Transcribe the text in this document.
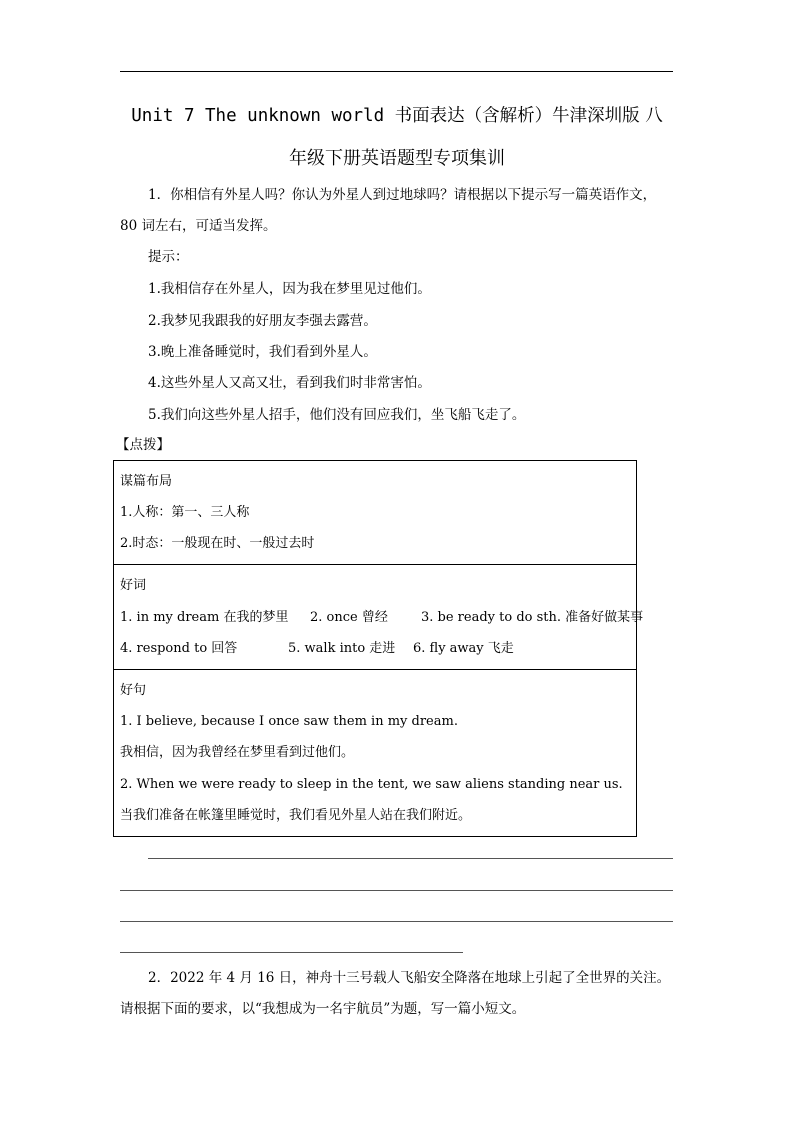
Unit 7 The unknown world 书面表达（含解析）牛津深圳版 八
年级下册英语题型专项集训
1．你相信有外星人吗？你认为外星人到过地球吗？请根据以下提示写一篇英语作文，
80 词左右，可适当发挥。
提示：
1.我相信存在外星人，因为我在梦里见过他们。
2.我梦见我跟我的好朋友李强去露营。
3.晚上准备睡觉时，我们看到外星人。
4.这些外星人又高又壮，看到我们时非常害怕。
5.我们向这些外星人招手，他们没有回应我们，坐飞船飞走了。
【点拨】
谋篇布局
1.人称：第一、三人称
2.时态：一般现在时、一般过去时
好词
1. in my dream 在我的梦里 2. once 曾经	3. be ready to do sth. 准备好做某事
4. respond to 回答	5. walk into 走进 6. fly away 飞走
好句
1. I believe, because I once saw them in my dream.
我相信，因为我曾经在梦里看到过他们。
2. When we were ready to sleep in the tent, we saw aliens standing near us.
当我们准备在帐篷里睡觉时，我们看见外星人站在我们附近。
2．2022 年 4 月 16 日，神舟十三号载人飞船安全降落在地球上引起了全世界的关注。
请根据下面的要求，以“我想成为一名宇航员”为题，写一篇小短文。
